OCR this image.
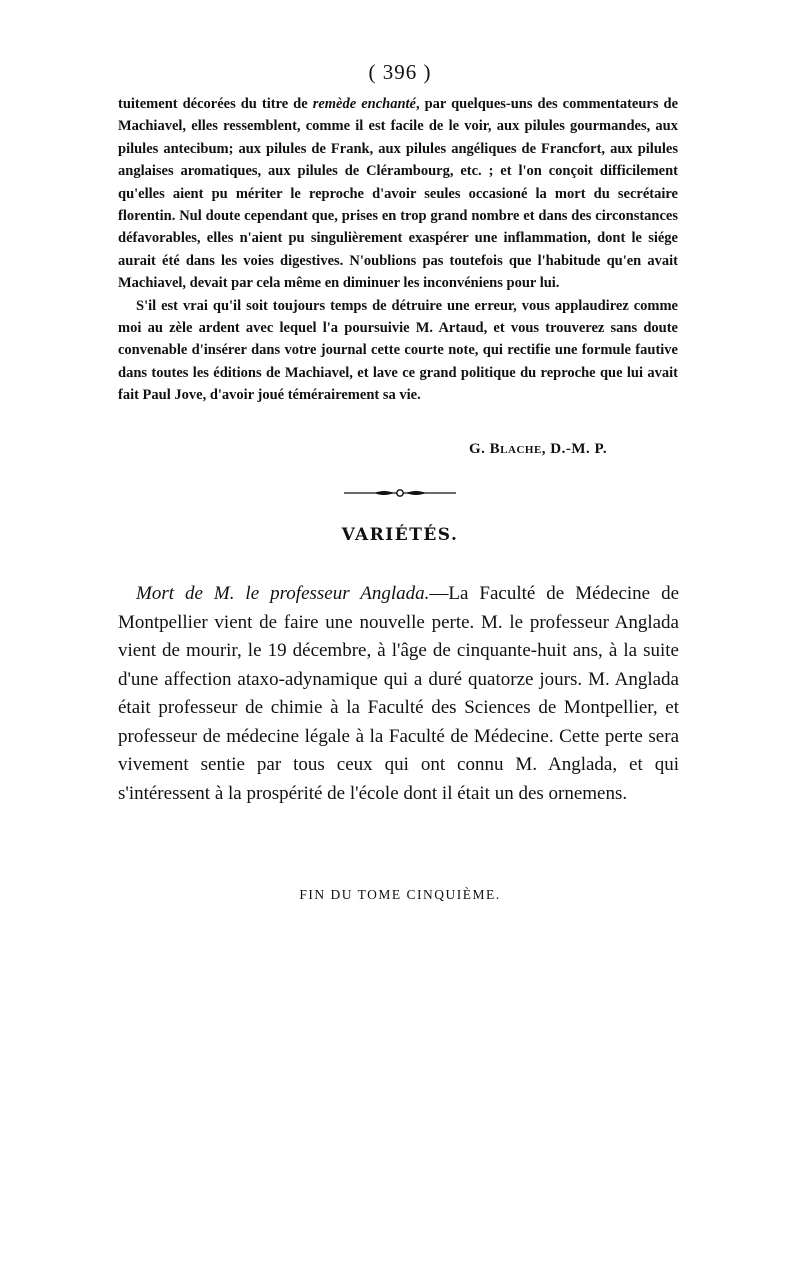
( 396 )

tuitement décorées du titre de remède enchanté, par quelques-uns des commentateurs de Machiavel, elles ressemblent, comme il est facile de le voir, aux pilules gourmandes, aux pilules antecibum; aux pilules de Frank, aux pilules angéliques de Francfort, aux pilules anglaises aromatiques, aux pilules de Clérambourg, etc. ; et l'on conçoit difficilement qu'elles aient pu mériter le reproche d'avoir seules occasioné la mort du secrétaire florentin. Nul doute cependant que, prises en trop grand nombre et dans des circonstances défavorables, elles n'aient pu singulièrement exaspérer une inflammation, dont le siége aurait été dans les voies digestives. N'oublions pas toutefois que l'habitude qu'en avait Machiavel, devait par cela même en diminuer les inconvéniens pour lui.

S'il est vrai qu'il soit toujours temps de détruire une erreur, vous applaudirez comme moi au zèle ardent avec lequel l'a poursuivie M. Artaud, et vous trouverez sans doute convenable d'insérer dans votre journal cette courte note, qui rectifie une formule fautive dans toutes les éditions de Machiavel, et lave ce grand politique du reproche que lui avait fait Paul Jove, d'avoir joué témérairement sa vie.

G. Blache, D.-M. P.
VARIÉTÉS.

Mort de M. le professeur Anglada.—La Faculté de Médecine de Montpellier vient de faire une nouvelle perte. M. le professeur Anglada vient de mourir, le 19 décembre, à l'âge de cinquante-huit ans, à la suite d'une affection ataxo-adynamique qui a duré quatorze jours. M. Anglada était professeur de chimie à la Faculté des Sciences de Montpellier, et professeur de médecine légale à la Faculté de Médecine. Cette perte sera vivement sentie par tous ceux qui ont connu M. Anglada, et qui s'intéressent à la prospérité de l'école dont il était un des ornemens.

FIN DU TOME CINQUIÈME.
